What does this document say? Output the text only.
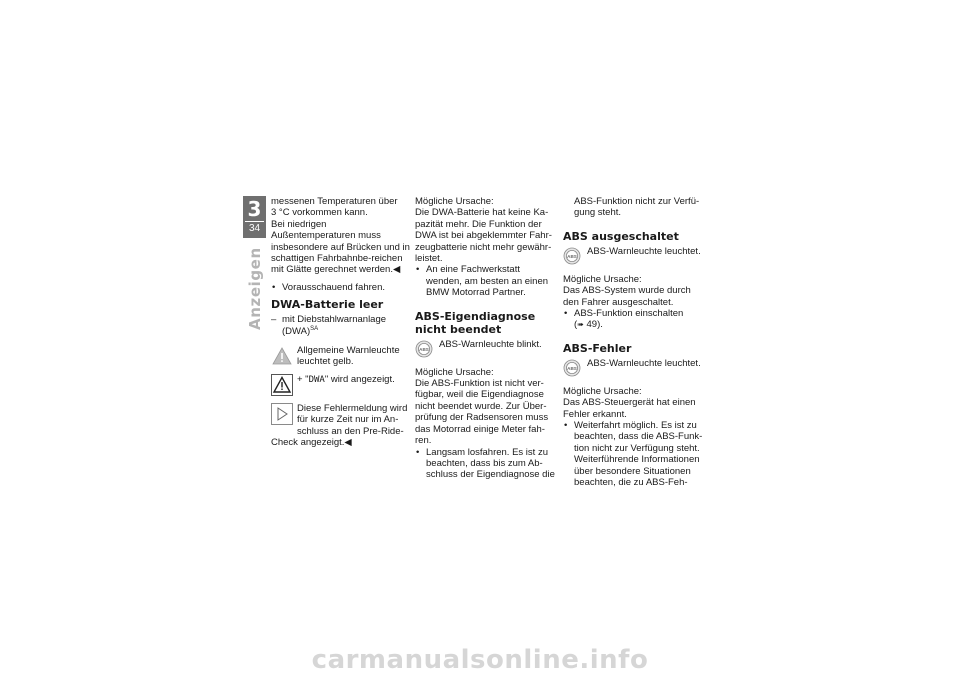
3
34
Anzeigen

messenen Temperaturen über

3 °C vorkommen kann.

Bei niedrigen Außentemperaturen muss insbesondere auf Brücken und in schattigen Fahrbahnbe-reichen mit Glätte gerechnet werden.◀

• Vorausschauend fahren.

DWA-Batterie leer

– mit Diebstahlwarnanlage

(DWA)$^{SA}$

Allgemeine Warnleuchte leuchtet gelb.

+ "DWA" wird angezeigt.

Diese Fehlermeldung wird für kurze Zeit nur im An-schluss an den Pre-Ride-Check angezeigt.◀

Mögliche Ursache:

Die DWA-Batterie hat keine Ka-pazität mehr. Die Funktion der DWA ist bei abgeklemmter Fahr-zeugbatterie nicht mehr gewähr-leistet.

• An eine Fachwerkstatt wenden, am besten an einen BMW Motorrad Partner.

ABS-Eigendiagnose nicht beendet
ABS	ABS-Warnleuchte blinkt.

Mögliche Ursache:

Die ABS-Funktion ist nicht ver-fügbar, weil die Eigendiagnose nicht beendet wurde. Zur Über-prüfung der Radsensoren muss das Motorrad einige Meter fah-ren.

• Langsam losfahren. Es ist zu beachten, dass bis zum Ab-schluss der Eigendiagnose die

ABS-Funktion nicht zur Verfü-gung steht.

ABS ausgeschaltet
ABS	ABS-Warnleuchte leuchtet.

Mögliche Ursache:

Das ABS-System wurde durch den Fahrer ausgeschaltet.

• ABS-Funktion einschalten

(➠ 49).

ABS-Fehler
ABS	ABS-Warnleuchte leuchtet.

Mögliche Ursache:

Das ABS-Steuergerät hat einen Fehler erkannt.

• Weiterfahrt möglich. Es ist zu beachten, dass die ABS-Funk-tion nicht zur Verfügung steht. Weiterführende Informationen über besondere Situationen beachten, die zu ABS-Feh-

carmanualsonline.info
